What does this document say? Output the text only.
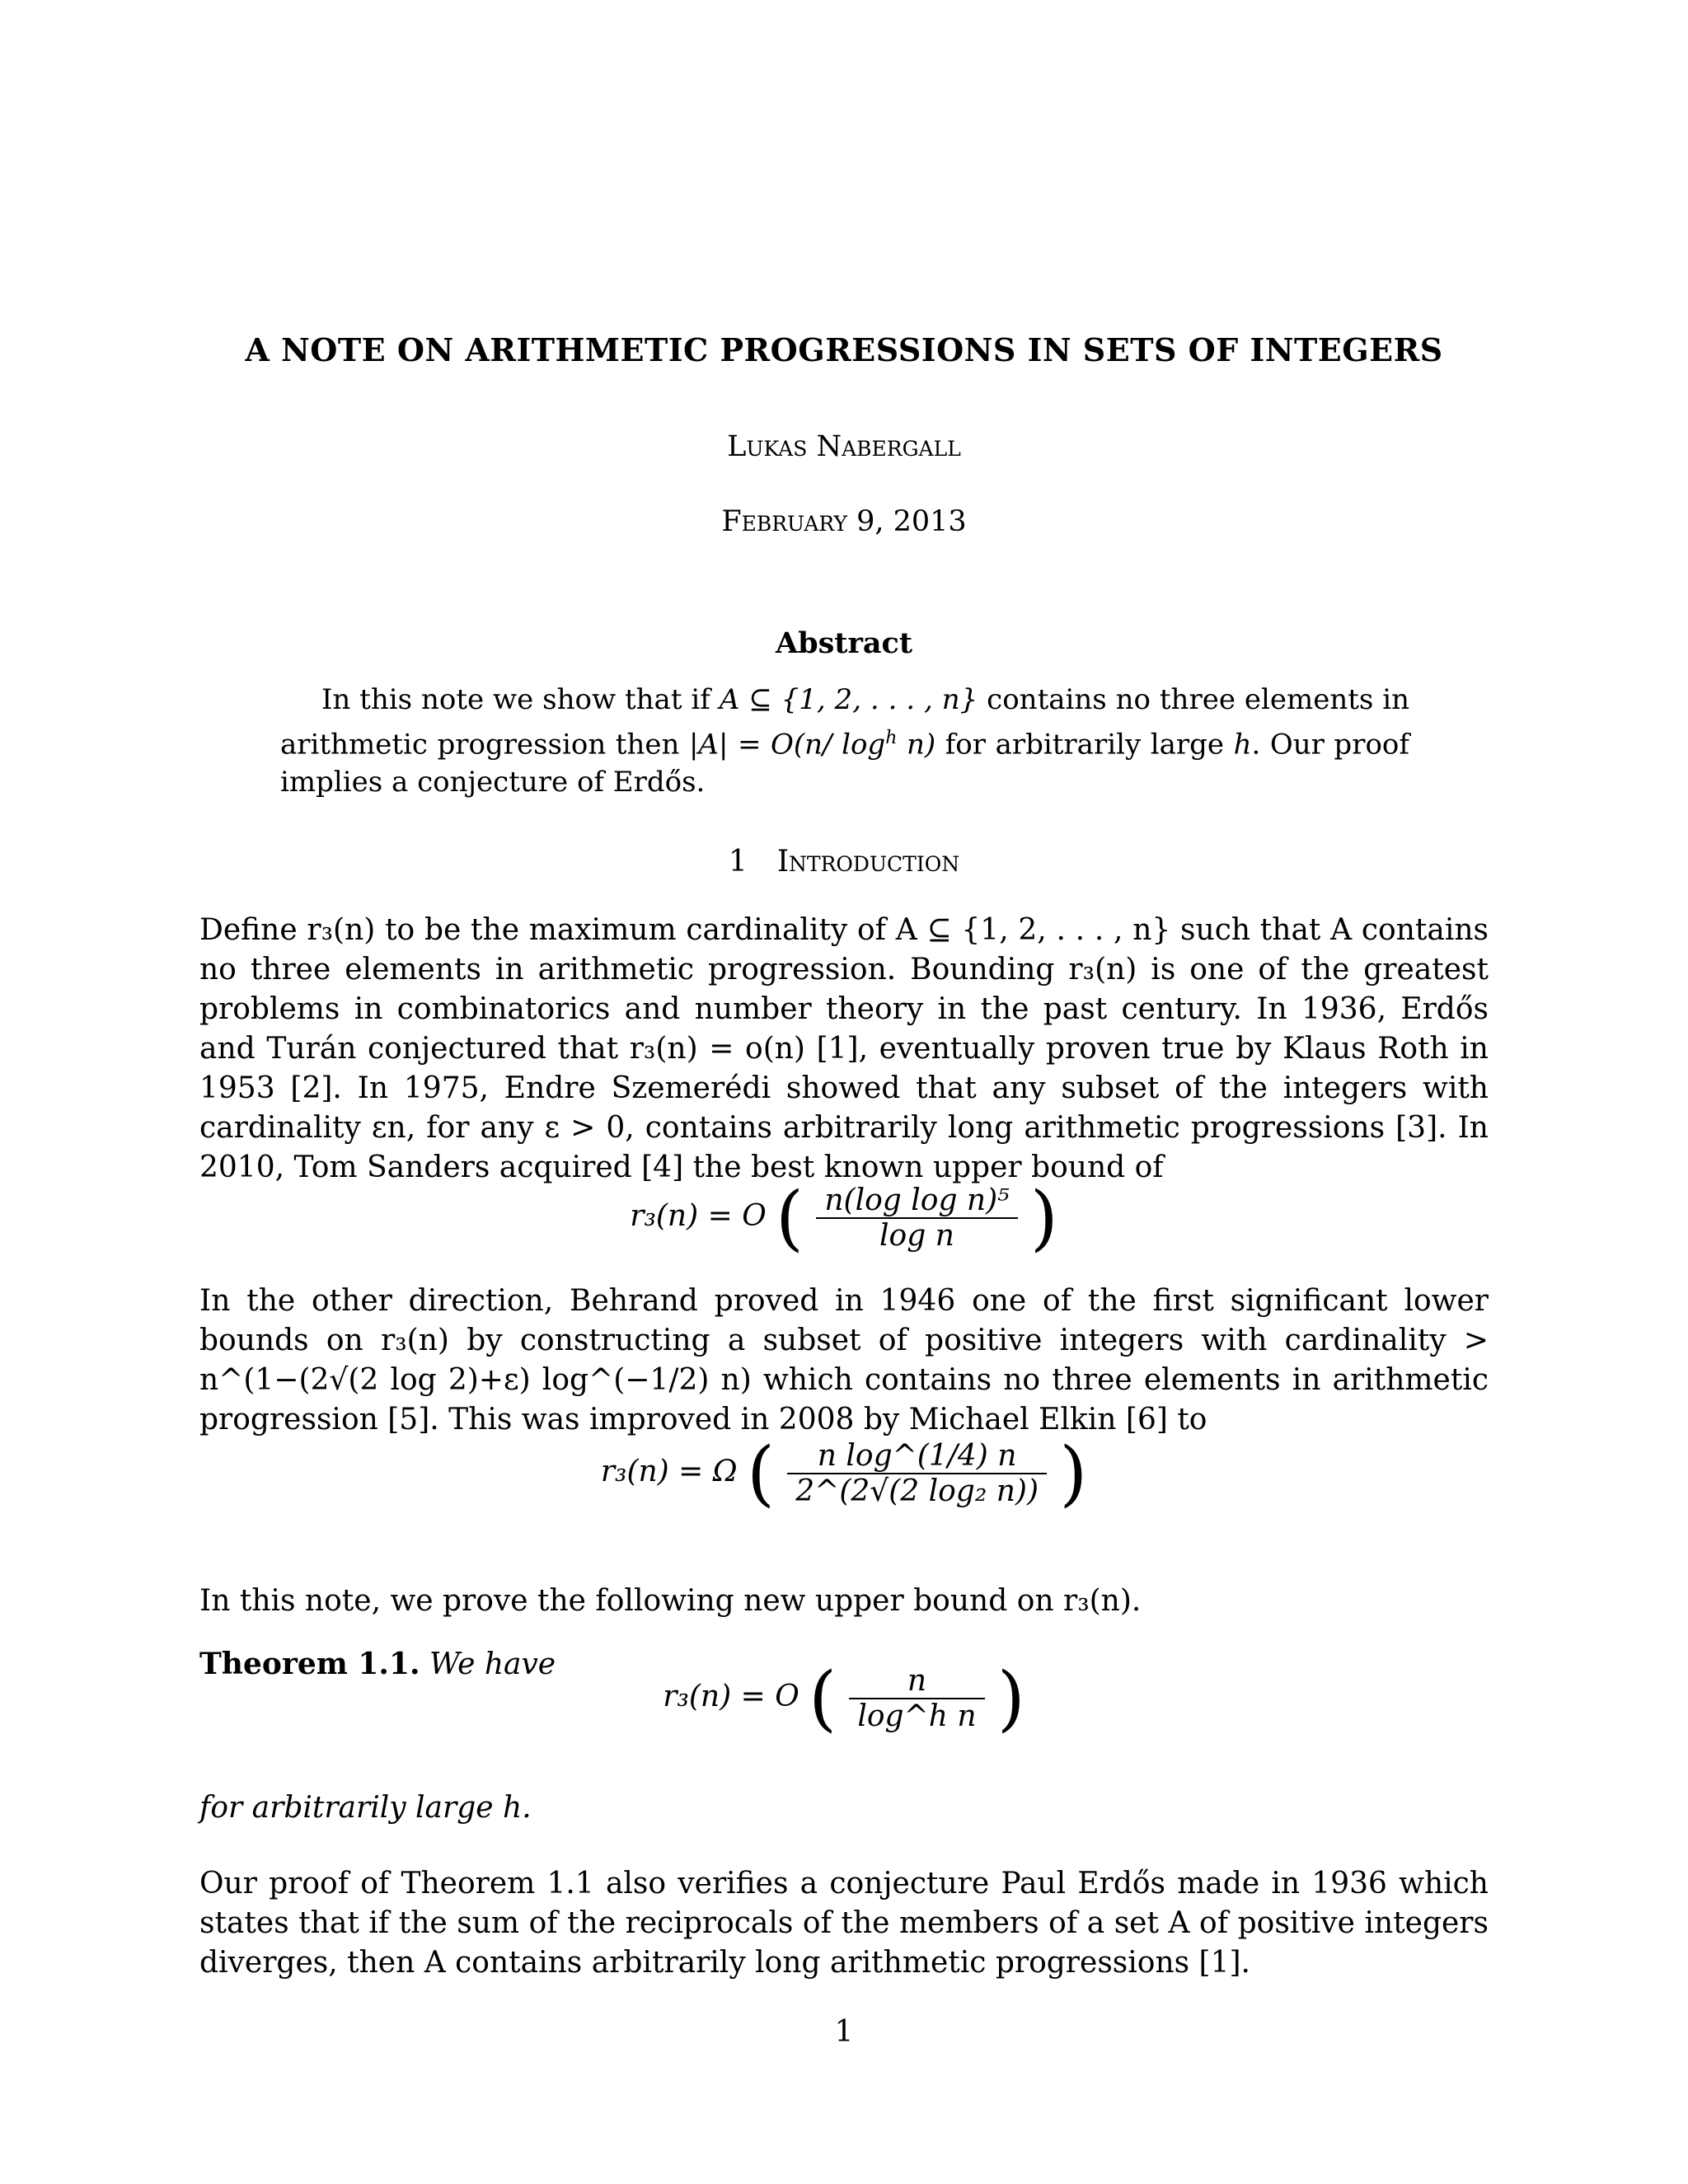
A NOTE ON ARITHMETIC PROGRESSIONS IN SETS OF INTEGERS
Lukas Nabergall
February 9, 2013
Abstract
In this note we show that if A ⊆ {1, 2, . . . , n} contains no three elements in arithmetic progression then |A| = O(n/ $\log^h n$) for arbitrarily large h. Our proof implies a conjecture of Erdős.
1 Introduction
Define r₃(n) to be the maximum cardinality of A ⊆ {1, 2, . . . , n} such that A contains no three elements in arithmetic progression. Bounding r₃(n) is one of the greatest problems in combinatorics and number theory in the past century. In 1936, Erdős and Turán conjectured that r₃(n) = o(n) [1], eventually proven true by Klaus Roth in 1953 [2]. In 1975, Endre Szemerédi showed that any subset of the integers with cardinality εn, for any ε > 0, contains arbitrarily long arithmetic progressions [3]. In 2010, Tom Sanders acquired [4] the best known upper bound of
r₃(n) = O ( $\frac{\text{n(log log n)⁵}}{\text{log n}}$ )
In the other direction, Behrand proved in 1946 one of the first significant lower bounds on r₃(n) by constructing a subset of positive integers with cardinality > n^(1−(2√(2 log 2)+ε) log^(−1/2) n) which contains no three elements in arithmetic progression [5]. This was improved in 2008 by Michael Elkin [6] to
r₃(n) = Ω ( $\frac{\text{n log\textasciicircum{}(1/4) n}}{\text{2\textasciicircum{}(2√(2 log₂ n))}}$ )
In this note, we prove the following new upper bound on r₃(n).
Theorem 1.1. We have
r₃(n) = O ( $\frac{n}{\text{log\textasciicircum{}h n}}$ )
for arbitrarily large h.
Our proof of Theorem 1.1 also verifies a conjecture Paul Erdős made in 1936 which states that if the sum of the reciprocals of the members of a set A of positive integers diverges, then A contains arbitrarily long arithmetic progressions [1].
1
